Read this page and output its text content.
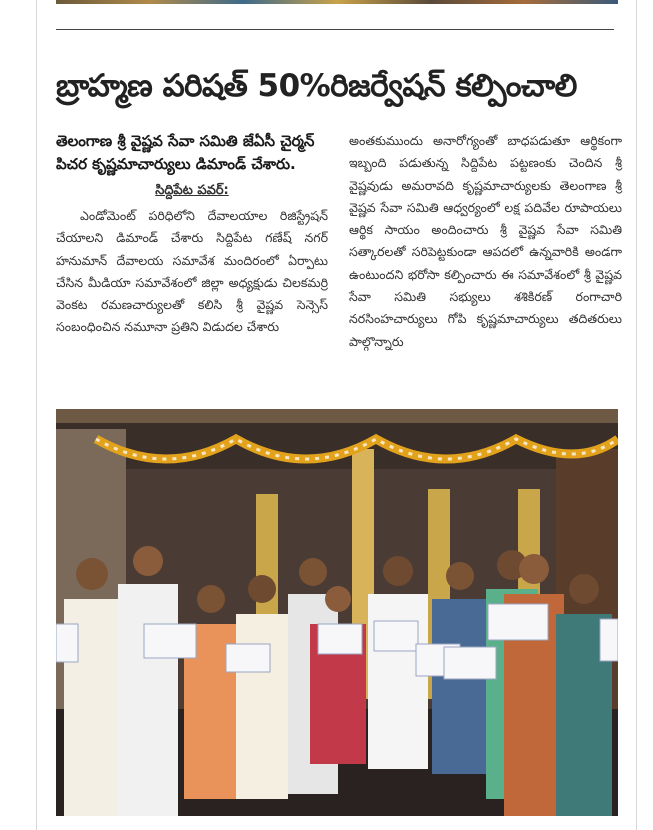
బ్రాహ్మణ పరిషత్ 50%రిజర్వేషన్ కల్పించాలి
తెలంగాణ శ్రీ వైష్ణవ సేవా సమితి జేఏసీ చైర్మన్ పిచర కృష్ణమాచార్యులు డిమాండ్ చేశారు.
సిద్దిపేట పవర్:
ఎండోమెంట్ పరిధిలోని దేవాలయాల రిజిస్ట్రేషన్ చేయాలని డిమాండ్ చేశారు సిద్దిపేట గణేష్ నగర్ హనుమాన్ దేవాలయ సమావేశ మందిరంలో ఏర్పాటు చేసిన మీడియా సమావేశంలో జిల్లా అధ్యక్షుడు చిలకమర్రి వెంకట రమణచార్యులతో కలిసి శ్రీ వైష్ణవ సెన్సెస్ సంబంధించిన నమూనా ప్రతిని విడుదల చేశారు
అంతకుముందు అనారోగ్యంతో బాధపడుతూ ఆర్థికంగా ఇబ్బంది పడుతున్న సిద్దిపేట పట్టణంకు చెందిన శ్రీ వైష్ణవుడు అమరావది కృష్ణమాచార్యులకు తెలంగాణ శ్రీ వైష్ణవ సేవా సమితి ఆధ్వర్యంలో లక్ష పదివేల రూపాయలు ఆర్థిక సాయం అందించారు శ్రీ వైష్ణవ సేవా సమితి సత్కారలతో సరిపెట్టకుండా ఆపదలో ఉన్నవారికి అండగా ఉంటుందని భరోసా కల్పించారు ఈ సమావేశంలో శ్రీ వైష్ణవ సేవా సమితి సభ్యులు శశికిరణ్ రంగాచారి నరసింహచార్యులు గోపి కృష్ణమాచార్యులు తదితరులు పాల్గొన్నారు
